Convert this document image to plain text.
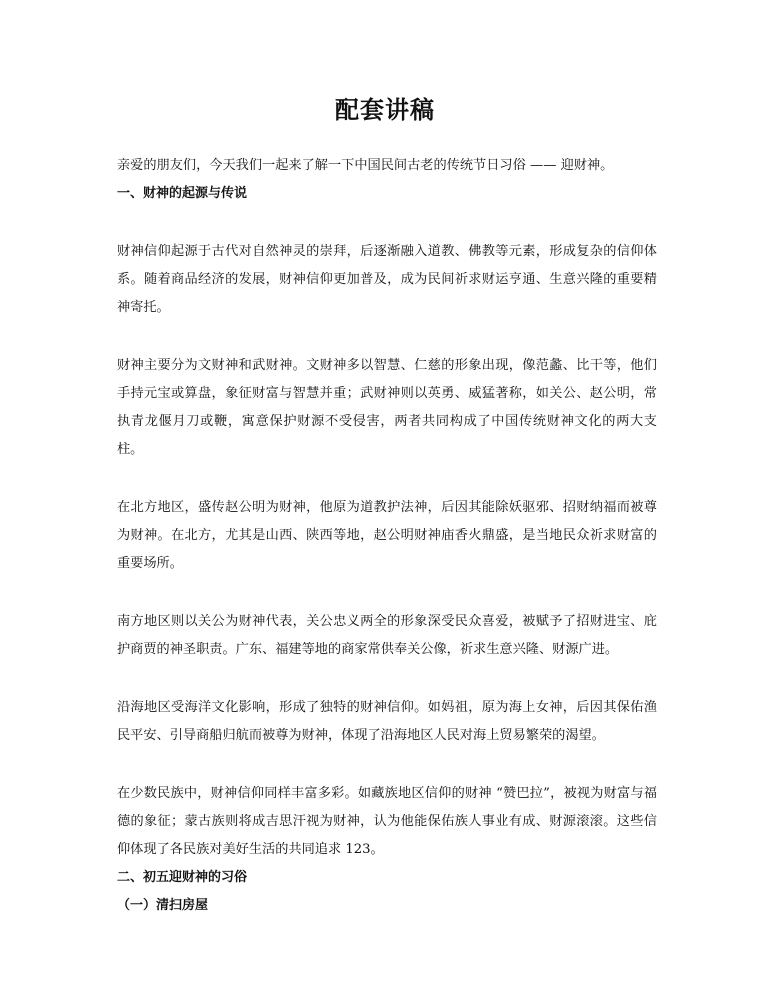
配套讲稿
亲爱的朋友们，今天我们一起来了解一下中国民间古老的传统节日习俗 —— 迎财神。
一、财神的起源与传说

财神信仰起源于古代对自然神灵的崇拜，后逐渐融入道教、佛教等元素，形成复杂的信仰体系。随着商品经济的发展，财神信仰更加普及，成为民间祈求财运亨通、生意兴隆的重要精神寄托。

财神主要分为文财神和武财神。文财神多以智慧、仁慈的形象出现，像范蠡、比干等，他们手持元宝或算盘，象征财富与智慧并重；武财神则以英勇、威猛著称，如关公、赵公明，常执青龙偃月刀或鞭，寓意保护财源不受侵害，两者共同构成了中国传统财神文化的两大支柱。

在北方地区，盛传赵公明为财神，他原为道教护法神，后因其能除妖驱邪、招财纳福而被尊为财神。在北方，尤其是山西、陕西等地，赵公明财神庙香火鼎盛，是当地民众祈求财富的重要场所。

南方地区则以关公为财神代表，关公忠义两全的形象深受民众喜爱，被赋予了招财进宝、庇护商贾的神圣职责。广东、福建等地的商家常供奉关公像，祈求生意兴隆、财源广进。

沿海地区受海洋文化影响，形成了独特的财神信仰。如妈祖，原为海上女神，后因其保佑渔民平安、引导商船归航而被尊为财神，体现了沿海地区人民对海上贸易繁荣的渴望。

在少数民族中，财神信仰同样丰富多彩。如藏族地区信仰的财神 “赞巴拉”，被视为财富与福德的象征；蒙古族则将成吉思汗视为财神，认为他能保佑族人事业有成、财源滚滚。这些信仰体现了各民族对美好生活的共同追求 123。

二、初五迎财神的习俗
（一）清扫房屋
